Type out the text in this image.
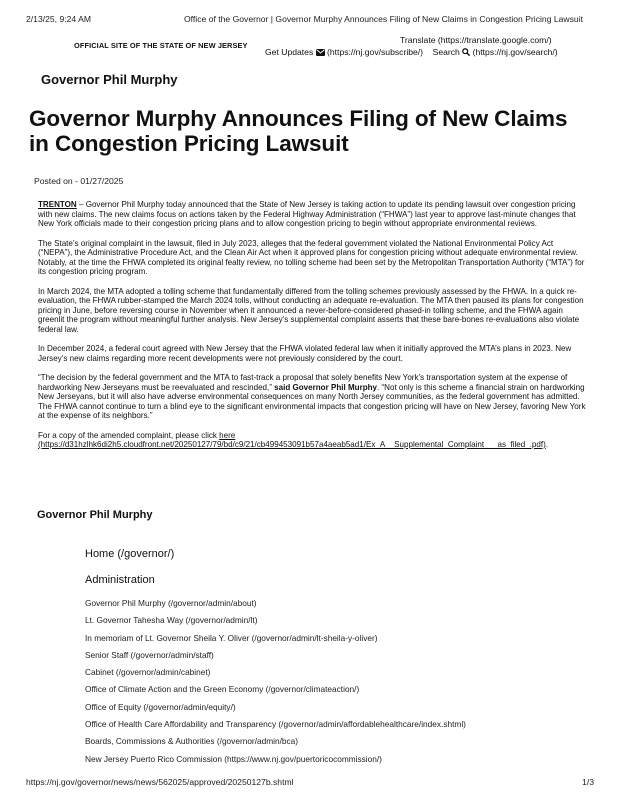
2/13/25, 9:24 AM	Office of the Governor | Governor Murphy Announces Filing of New Claims in Congestion Pricing Lawsuit
OFFICIAL SITE OF THE STATE OF NEW JERSEY
Translate (https://translate.google.com/)
Get Updates (https://nj.gov/subscribe/) Search (https://nj.gov/search/)
Governor Phil Murphy
Governor Murphy Announces Filing of New Claims in Congestion Pricing Lawsuit
Posted on - 01/27/2025

TRENTON – Governor Phil Murphy today announced that the State of New Jersey is taking action to update its pending lawsuit over congestion pricing with new claims. The new claims focus on actions taken by the Federal Highway Administration (“FHWA”) last year to approve last-minute changes that New York officials made to their congestion pricing plans and to allow congestion pricing to begin without appropriate environmental reviews.

The State’s original complaint in the lawsuit, filed in July 2023, alleges that the federal government violated the National Environmental Policy Act (“NEPA”), the Administrative Procedure Act, and the Clean Air Act when it approved plans for congestion pricing without adequate environmental review. Notably, at the time the FHWA completed its original fealty review, no tolling scheme had been set by the Metropolitan Transportation Authority (“MTA”) for its congestion pricing program.

In March 2024, the MTA adopted a tolling scheme that fundamentally differed from the tolling schemes previously assessed by the FHWA. In a quick re-evaluation, the FHWA rubber-stamped the March 2024 tolls, without conducting an adequate re-evaluation. The MTA then paused its plans for congestion pricing in June, before reversing course in November when it announced a never-before-considered phased-in tolling scheme, and the FHWA again greenlit the program without meaningful further analysis. New Jersey’s supplemental complaint asserts that these bare-bones re-evaluations also violate federal law.

In December 2024, a federal court agreed with New Jersey that the FHWA violated federal law when it initially approved the MTA’s plans in 2023. New Jersey’s new claims regarding more recent developments were not previously considered by the court.

“The decision by the federal government and the MTA to fast-track a proposal that solely benefits New York’s transportation system at the expense of hardworking New Jerseyans must be reevaluated and rescinded,” said Governor Phil Murphy. “Not only is this scheme a financial strain on hardworking New Jerseyans, but it will also have adverse environmental consequences on many North Jersey communities, as the federal government has admitted. The FHWA cannot continue to turn a blind eye to the significant environmental impacts that congestion pricing will have on New Jersey, favoring New York at the expense of its neighbors.”

For a copy of the amended complaint, please click here
(https://d31hzlhk6di2h5.cloudfront.net/20250127/79/bd/c9/21/cb499453091b57a4aeab5ad1/Ex_A__Supplemental_Complaint___as_filed_.pdf).

Governor Phil Murphy
Home (/governor/)
Administration
Governor Phil Murphy (/governor/admin/about)
Lt. Governor Tahesha Way (/governor/admin/lt)
In memoriam of Lt. Governor Sheila Y. Oliver (/governor/admin/lt-sheila-y-oliver)
Senior Staff (/governor/admin/staff)
Cabinet (/governor/admin/cabinet)
Office of Climate Action and the Green Economy (/governor/climateaction/)
Office of Equity (/governor/admin/equity/)
Office of Health Care Affordability and Transparency (/governor/admin/affordablehealthcare/index.shtml)
Boards, Commissions & Authorities (/governor/admin/bca)
New Jersey Puerto Rico Commission (https://www.nj.gov/puertoricocommission/)
https://nj.gov/governor/news/news/562025/approved/20250127b.shtml	1/3
